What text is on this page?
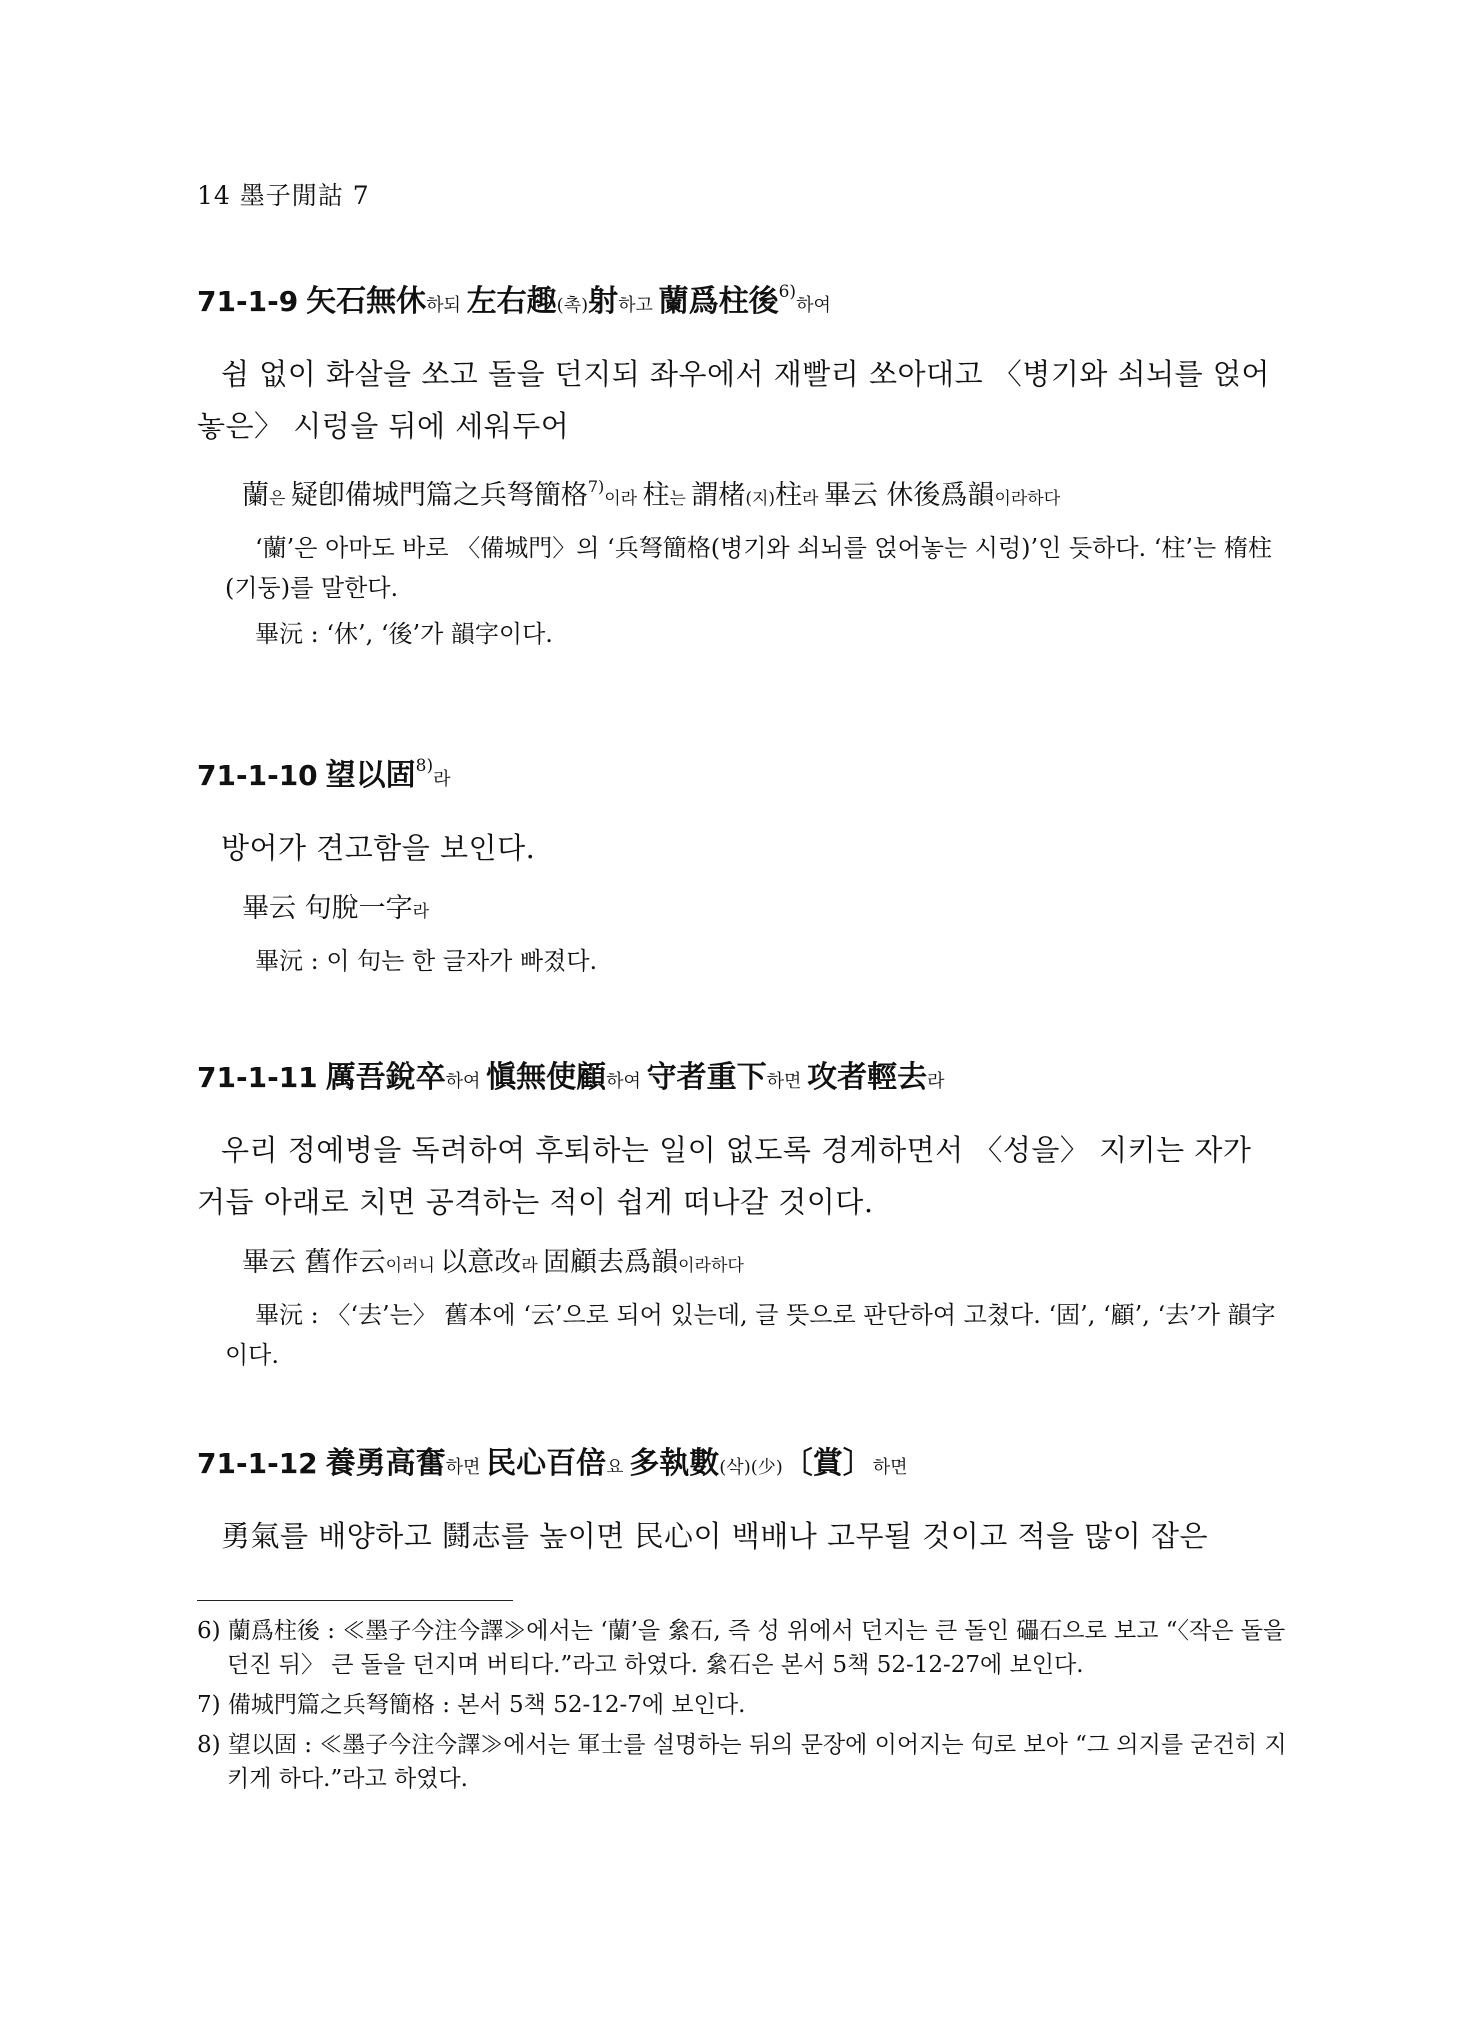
14 墨子閒詁 7
71-1-9 矢石無休하되 左右趣(촉)射하고 蘭爲柱後$^{6)}$하여
쉼 없이 화살을 쏘고 돌을 던지되 좌우에서 재빨리 쏘아대고 〈병기와 쇠뇌를 얹어놓은〉 시렁을 뒤에 세워두어
蘭은 疑卽備城門篇之兵弩簡格$^{7)}$이라 柱는 謂楮(지)柱라 畢云 休後爲韻이라하다
‘蘭’은 아마도 바로 〈備城門〉의 ‘兵弩簡格(병기와 쇠뇌를 얹어놓는 시렁)’인 듯하다. ‘柱’는 楕柱(기둥)를 말한다.
畢沅 : ‘休’, ‘後’가 韻字이다.
71-1-10 望以固$^{8)}$라
방어가 견고함을 보인다.
畢云 句脫一字라
畢沅 : 이 句는 한 글자가 빠졌다.
71-1-11 厲吾銳卒하여 愼無使顧하여 守者重下하면 攻者輕去라
우리 정예병을 독려하여 후퇴하는 일이 없도록 경계하면서 〈성을〉 지키는 자가 거듭 아래로 치면 공격하는 적이 쉽게 떠나갈 것이다.
畢云 舊作云이러니 以意改라 固顧去爲韻이라하다
畢沅 : 〈‘去’는〉 舊本에 ‘云’으로 되어 있는데, 글 뜻으로 판단하여 고쳤다. ‘固’, ‘顧’, ‘去’가 韻字이다.
71-1-12 養勇高奮하면 民心百倍요 多執數(삭)(少)〔賞〕하면
勇氣를 배양하고 鬪志를 높이면 民心이 백배나 고무될 것이고 적을 많이 잡은
6) 蘭爲柱後 : ≪墨子今注今譯≫에서는 ‘蘭’을 絫石, 즉 성 위에서 던지는 큰 돌인 礧石으로 보고 “〈작은 돌을 던진 뒤〉 큰 돌을 던지며 버티다.”라고 하였다. 絫石은 본서 5책 52-12-27에 보인다.
7) 備城門篇之兵弩簡格 : 본서 5책 52-12-7에 보인다.
8) 望以固 : ≪墨子今注今譯≫에서는 軍士를 설명하는 뒤의 문장에 이어지는 句로 보아 “그 의지를 굳건히 지키게 하다.”라고 하였다.
